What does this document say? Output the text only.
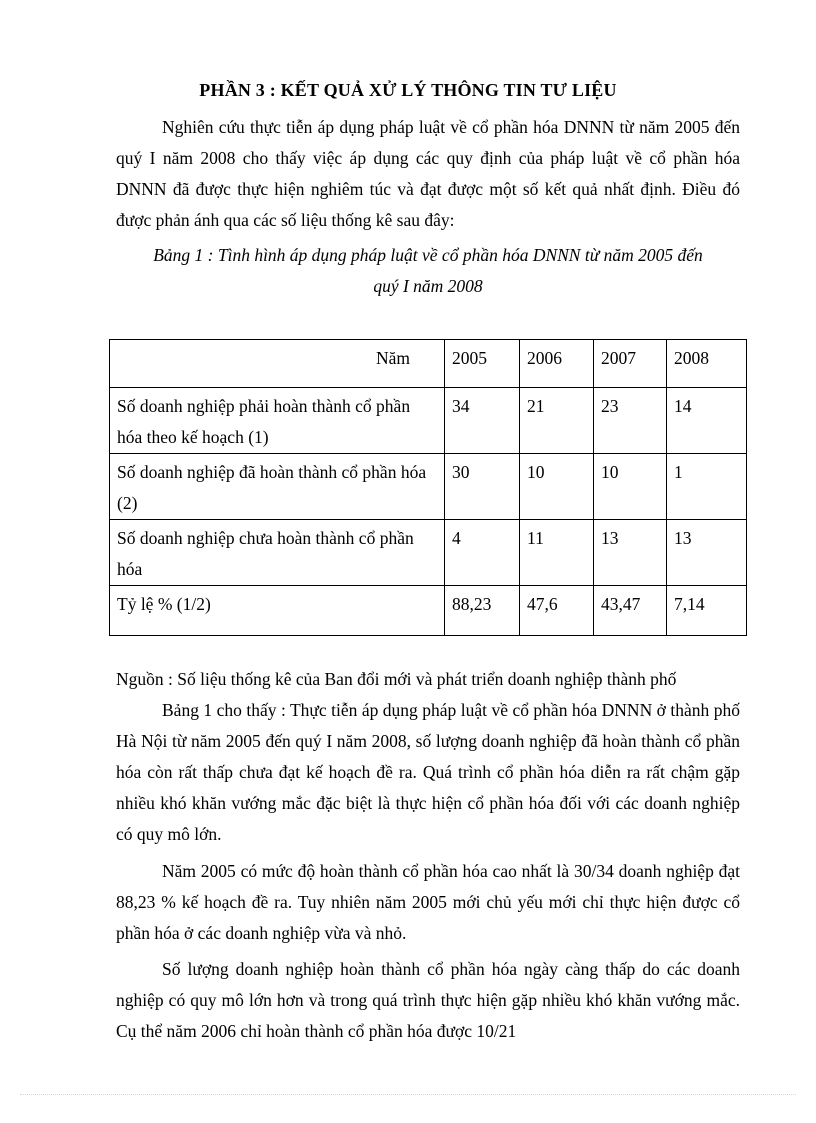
PHẦN 3 : KẾT QUẢ XỬ LÝ THÔNG TIN TƯ LIỆU

Nghiên cứu thực tiễn áp dụng pháp luật về cổ phần hóa DNNN từ năm 2005 đến quý I năm 2008 cho thấy việc áp dụng các quy định của pháp luật về cổ phần hóa DNNN đã được thực hiện nghiêm túc và đạt được một số kết quả nhất định. Điều đó được phản ánh qua các số liệu thống kê sau đây:

Bảng 1 : Tình hình áp dụng pháp luật về cổ phần hóa DNNN từ năm 2005 đến
quý I năm 2008
Năm	2005	2006	2007	2008
Số doanh nghiệp phải hoàn thành cổ phần hóa theo kế hoạch (1)	34	21	23	14
Số doanh nghiệp đã hoàn thành cổ phần hóa (2)	30	10	10	1
Số doanh nghiệp chưa hoàn thành cổ phần hóa	4	11	13	13
Tỷ lệ % (1/2)	88,23	47,6	43,47	7,14
Nguồn : Số liệu thống kê của Ban đổi mới và phát triển doanh nghiệp thành phố

Bảng 1 cho thấy : Thực tiễn áp dụng pháp luật về cổ phần hóa DNNN ở thành phố Hà Nội từ năm 2005 đến quý I năm 2008, số lượng doanh nghiệp đã hoàn thành cổ phần hóa còn rất thấp chưa đạt kế hoạch đề ra. Quá trình cổ phần hóa diễn ra rất chậm gặp nhiều khó khăn vướng mắc đặc biệt là thực hiện cổ phần hóa đối với các doanh nghiệp có quy mô lớn.

Năm 2005 có mức độ hoàn thành cổ phần hóa cao nhất là 30/34 doanh nghiệp đạt 88,23 % kế hoạch đề ra. Tuy nhiên năm 2005 mới chủ yếu mới chỉ thực hiện được cổ phần hóa ở các doanh nghiệp vừa và nhỏ.

Số lượng doanh nghiệp hoàn thành cổ phần hóa ngày càng thấp do các doanh nghiệp có quy mô lớn hơn và trong quá trình thực hiện gặp nhiều khó khăn vướng mắc. Cụ thể năm 2006 chỉ hoàn thành cổ phần hóa được 10/21
